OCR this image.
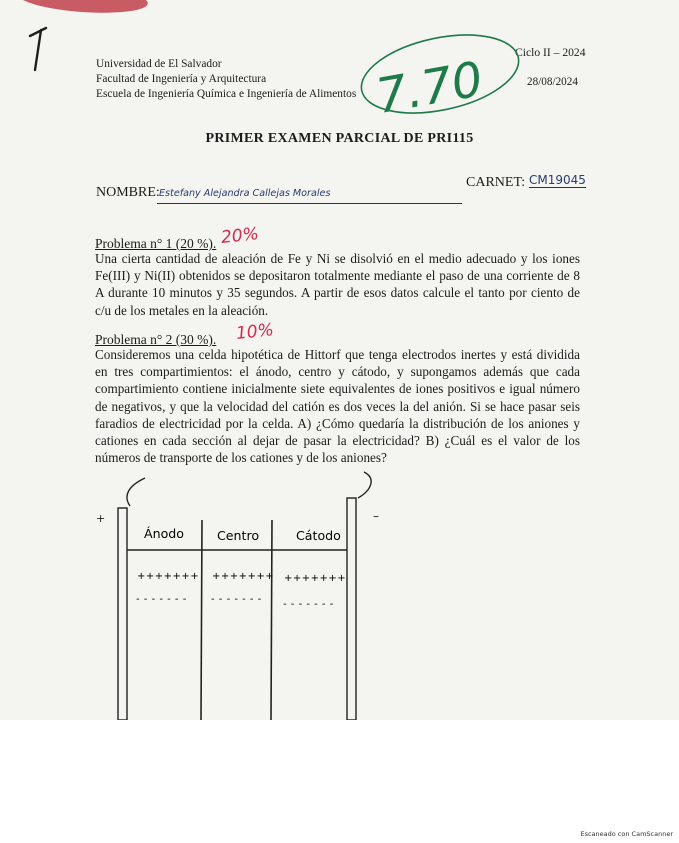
Universidad de El Salvador
Facultad de Ingeniería y Arquitectura
Escuela de Ingeniería Química e Ingeniería de Alimentos
Ciclo II – 2024
28/08/2024
7.70
PRIMER EXAMEN PARCIAL DE PRI115
NOMBRE: Estefany Alejandra Callejas Morales
CARNET: CM19045
Problema n° 1 (20 %). 20%
Una cierta cantidad de aleación de Fe y Ni se disolvió en el medio adecuado y los iones Fe(III) y Ni(II) obtenidos se depositaron totalmente mediante el paso de una corriente de 8 A durante 10 minutos y 35 segundos. A partir de esos datos calcule el tanto por ciento de c/u de los metales en la aleación.
Problema n° 2 (30 %). 10%
Consideremos una celda hipotética de Hittorf que tenga electrodos inertes y está dividida en tres compartimientos: el ánodo, centro y cátodo, y supongamos además que cada compartimiento contiene inicialmente siete equivalentes de iones positivos e igual número de negativos, y que la velocidad del catión es dos veces la del anión. Si se hace pasar seis faradios de electricidad por la celda. A) ¿Cómo quedaría la distribución de los aniones y cationes en cada sección al dejar de pasar la electricidad? B) ¿Cuál es el valor de los números de transporte de los cationes y de los aniones?
+	–
Ánodo	Centro	Cátodo
+++++++
- - - - - - -
+++++++
- - - - - - -
+++++++
- - - - - - -
Escaneado con CamScanner
